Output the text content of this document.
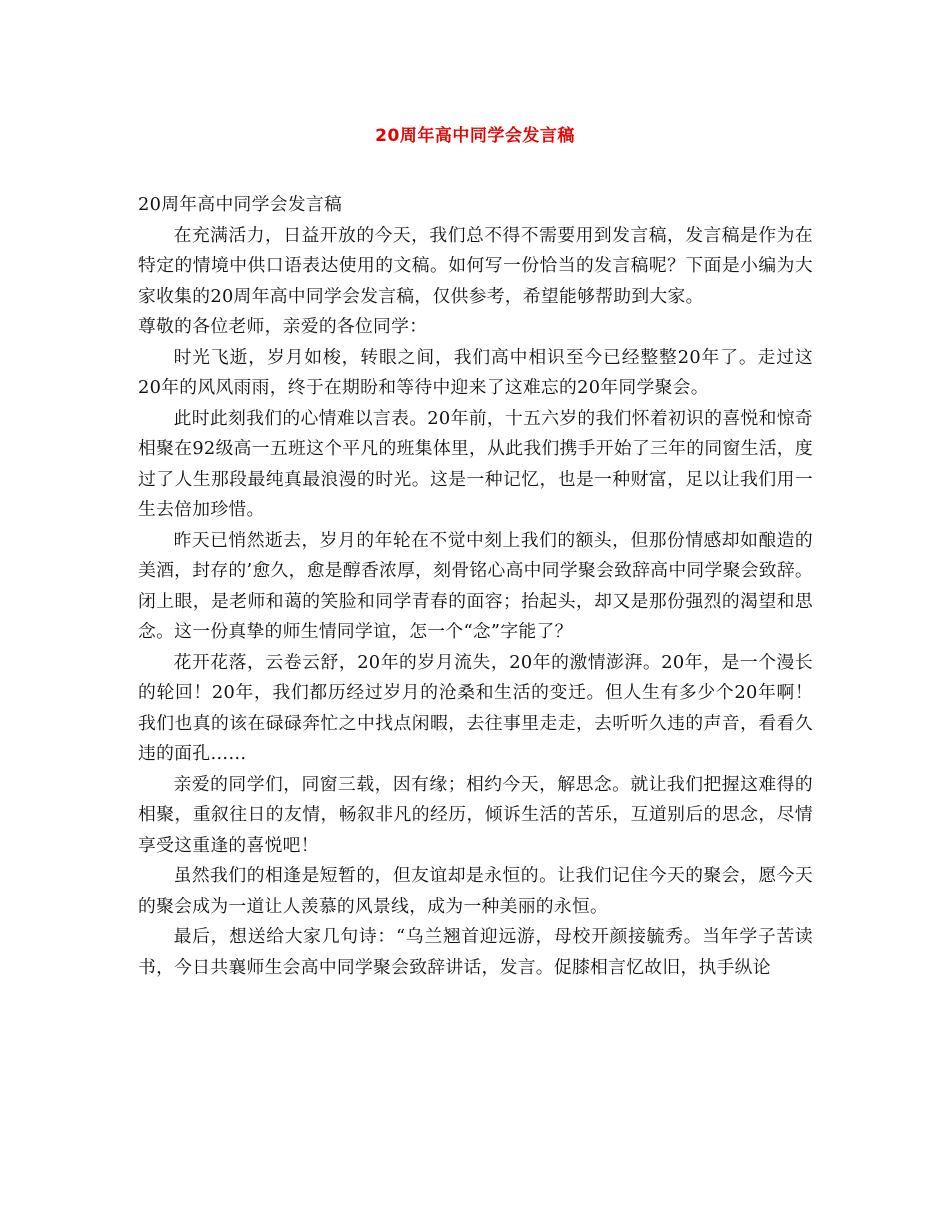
20周年高中同学会发言稿

20周年高中同学会发言稿

在充满活力，日益开放的今天，我们总不得不需要用到发言稿，发言稿是作为在特定的情境中供口语表达使用的文稿。如何写一份恰当的发言稿呢？下面是小编为大家收集的20周年高中同学会发言稿，仅供参考，希望能够帮助到大家。

尊敬的各位老师，亲爱的各位同学：

时光飞逝，岁月如梭，转眼之间，我们高中相识至今已经整整20年了。走过这20年的风风雨雨，终于在期盼和等待中迎来了这难忘的20年同学聚会。

此时此刻我们的心情难以言表。20年前，十五六岁的我们怀着初识的喜悦和惊奇相聚在92级高一五班这个平凡的班集体里，从此我们携手开始了三年的同窗生活，度过了人生那段最纯真最浪漫的时光。这是一种记忆，也是一种财富，足以让我们用一生去倍加珍惜。

昨天已悄然逝去，岁月的年轮在不觉中刻上我们的额头，但那份情感却如酿造的美酒，封存的’愈久，愈是醇香浓厚，刻骨铭心高中同学聚会致辞高中同学聚会致辞。闭上眼，是老师和蔼的笑脸和同学青春的面容；抬起头，却又是那份强烈的渴望和思念。这一份真挚的师生情同学谊，怎一个“念”字能了？

花开花落，云卷云舒，20年的岁月流失，20年的激情澎湃。20年，是一个漫长的轮回！20年，我们都历经过岁月的沧桑和生活的变迁。但人生有多少个20年啊！我们也真的该在碌碌奔忙之中找点闲暇，去往事里走走，去听听久违的声音，看看久违的面孔……

亲爱的同学们，同窗三载，因有缘；相约今天，解思念。就让我们把握这难得的相聚，重叙往日的友情，畅叙非凡的经历，倾诉生活的苦乐，互道别后的思念，尽情享受这重逢的喜悦吧！

虽然我们的相逢是短暂的，但友谊却是永恒的。让我们记住今天的聚会，愿今天的聚会成为一道让人羡慕的风景线，成为一种美丽的永恒。

最后，想送给大家几句诗：“乌兰翘首迎远游，母校开颜接毓秀。当年学子苦读书，今日共襄师生会高中同学聚会致辞讲话，发言。促膝相言忆故旧，执手纵论
